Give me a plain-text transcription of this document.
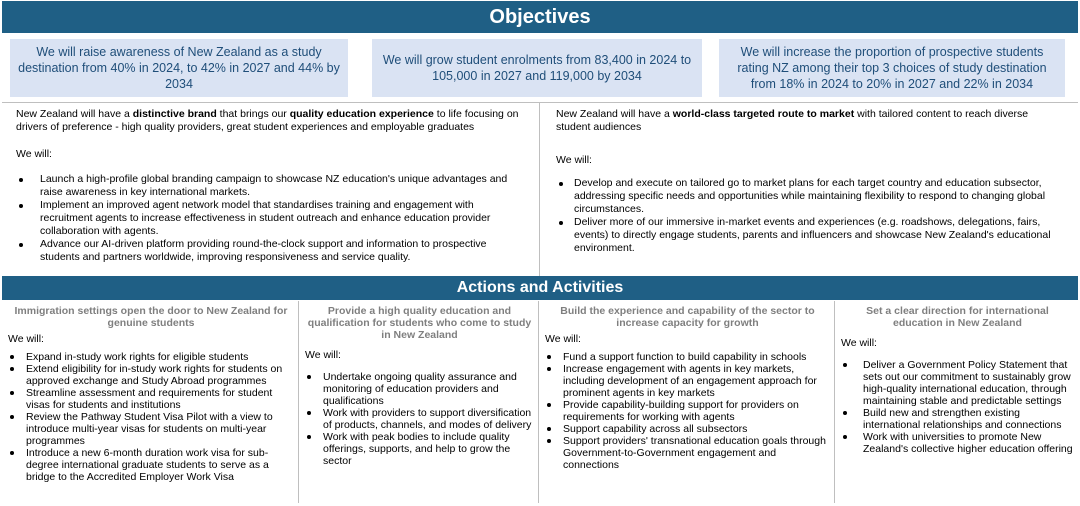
Objectives
We will raise awareness of New Zealand as a study destination from 40% in 2024, to 42% in 2027 and 44% by 2034
We will grow student enrolments from 83,400 in 2024 to 105,000 in 2027 and 119,000 by 2034
We will increase the proportion of prospective students rating NZ among their top 3 choices of study destination from 18% in 2024 to 20% in 2027 and 22% in 2034
New Zealand will have a distinctive brand that brings our quality education experience to life focusing on drivers of preference - high quality providers, great student experiences and employable graduates
We will:
Launch a high-profile global branding campaign to showcase NZ education's unique advantages and raise awareness in key international markets.
Implement an improved agent network model that standardises training and engagement with recruitment agents to increase effectiveness in student outreach and enhance education provider collaboration with agents.
Advance our AI-driven platform providing round-the-clock support and information to prospective students and partners worldwide, improving responsiveness and service quality.
New Zealand will have a world-class targeted route to market with tailored content to reach diverse student audiences
We will:
Develop and execute on tailored go to market plans for each target country and education subsector, addressing specific needs and opportunities while maintaining flexibility to respond to changing global circumstances.
Deliver more of our immersive in-market events and experiences (e.g. roadshows, delegations, fairs, events) to directly engage students, parents and influencers and showcase New Zealand's educational environment.
Actions and Activities
Immigration settings open the door to New Zealand for genuine students
We will:
Expand in-study work rights for eligible students
Extend eligibility for in-study work rights for students on approved exchange and Study Abroad programmes
Streamline assessment and requirements for student visas for students and institutions
Review the Pathway Student Visa Pilot with a view to introduce multi-year visas for students on multi-year programmes
Introduce a new 6-month duration work visa for sub-degree international graduate students to serve as a bridge to the Accredited Employer Work Visa
Provide a high quality education and qualification for students who come to study in New Zealand
We will:
Undertake ongoing quality assurance and monitoring of education providers and qualifications
Work with providers to support diversification of products, channels, and modes of delivery
Work with peak bodies to include quality offerings, supports, and help to grow the sector
Build the experience and capability of the sector to increase capacity for growth
We will:
Fund a support function to build capability in schools
Increase engagement with agents in key markets, including development of an engagement approach for prominent agents in key markets
Provide capability-building support for providers on requirements for working with agents
Support capability across all subsectors
Support providers' transnational education goals through Government-to-Government engagement and connections
Set a clear direction for international education in New Zealand
We will:
Deliver a Government Policy Statement that sets out our commitment to sustainably grow high-quality international education, through maintaining stable and predictable settings
Build new and strengthen existing international relationships and connections
Work with universities to promote New Zealand's collective higher education offering
